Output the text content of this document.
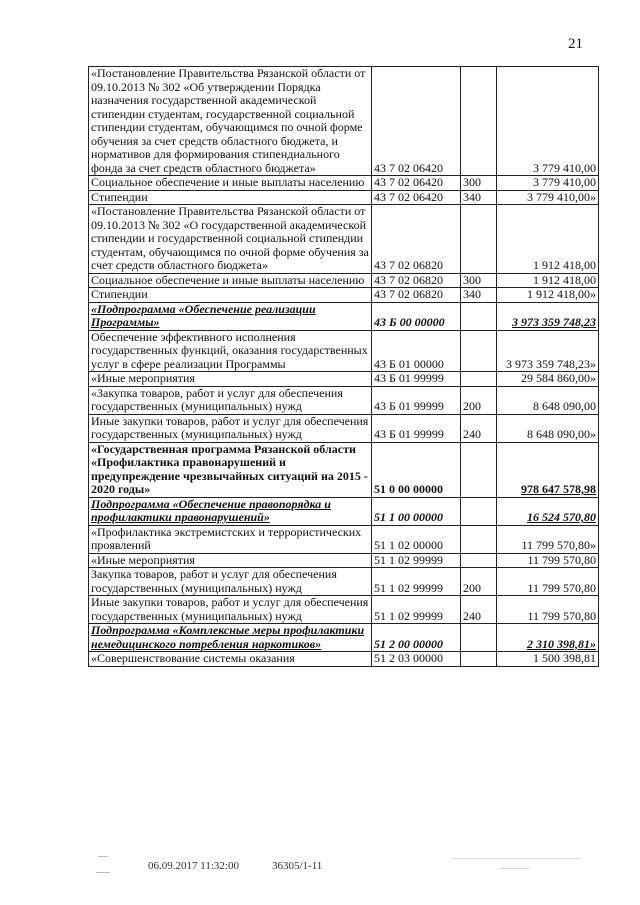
21
«Постановление Правительства Рязанской области от 09.10.2013 № 302 «Об утверждении Порядка назначения государственной академической стипендии студентам, государственной социальной стипендии студентам, обучающимся по очной форме обучения за счет средств областного бюджета, и нормативов для формирования стипендиального фонда за счет средств областного бюджета»	43 7 02 06420		3 779 410,00
Социальное обеспечение и иные выплаты населению	43 7 02 06420	300	3 779 410,00
Стипендии	43 7 02 06420	340	3 779 410,00»
«Постановление Правительства Рязанской области от 09.10.2013 № 302 «О государственной академической стипендии и государственной социальной стипендии студентам, обучающимся по очной форме обучения за счет средств областного бюджета»	43 7 02 06820		1 912 418,00
Социальное обеспечение и иные выплаты населению	43 7 02 06820	300	1 912 418,00
Стипендии	43 7 02 06820	340	1 912 418,00»
«Подпрограмма «Обеспечение реализации Программы»	43 Б 00 00000		3 973 359 748,23
Обеспечение эффективного исполнения государственных функций, оказания государственных услуг в сфере реализации Программы	43 Б 01 00000		3 973 359 748,23»
«Иные мероприятия	43 Б 01 99999		29 584 860,00»
«Закупка товаров, работ и услуг для обеспечения государственных (муниципальных) нужд	43 Б 01 99999	200	8 648 090,00
Иные закупки товаров, работ и услуг для обеспечения государственных (муниципальных) нужд	43 Б 01 99999	240	8 648 090,00»
«Государственная программа Рязанской области «Профилактика правонарушений и предупреждение чрезвычайных ситуаций на 2015 - 2020 годы»	51 0 00 00000		978 647 578,98
Подпрограмма «Обеспечение правопорядка и профилактики правонарушений»	51 1 00 00000		16 524 570,80
«Профилактика экстремистских и террористических проявлений	51 1 02 00000		11 799 570,80»
«Иные мероприятия	51 1 02 99999		11 799 570,80
Закупка товаров, работ и услуг для обеспечения государственных (муниципальных) нужд	51 1 02 99999	200	11 799 570,80
Иные закупки товаров, работ и услуг для обеспечения государственных (муниципальных) нужд	51 1 02 99999	240	11 799 570,80
Подпрограмма «Комплексные меры профилактики немедицинского потребления наркотиков»	51 2 00 00000		2 310 398,81»
«Совершенствование системы оказания	51 2 03 00000		1 500 398,81
06.09.2017 11:32:00	36305/1-11
